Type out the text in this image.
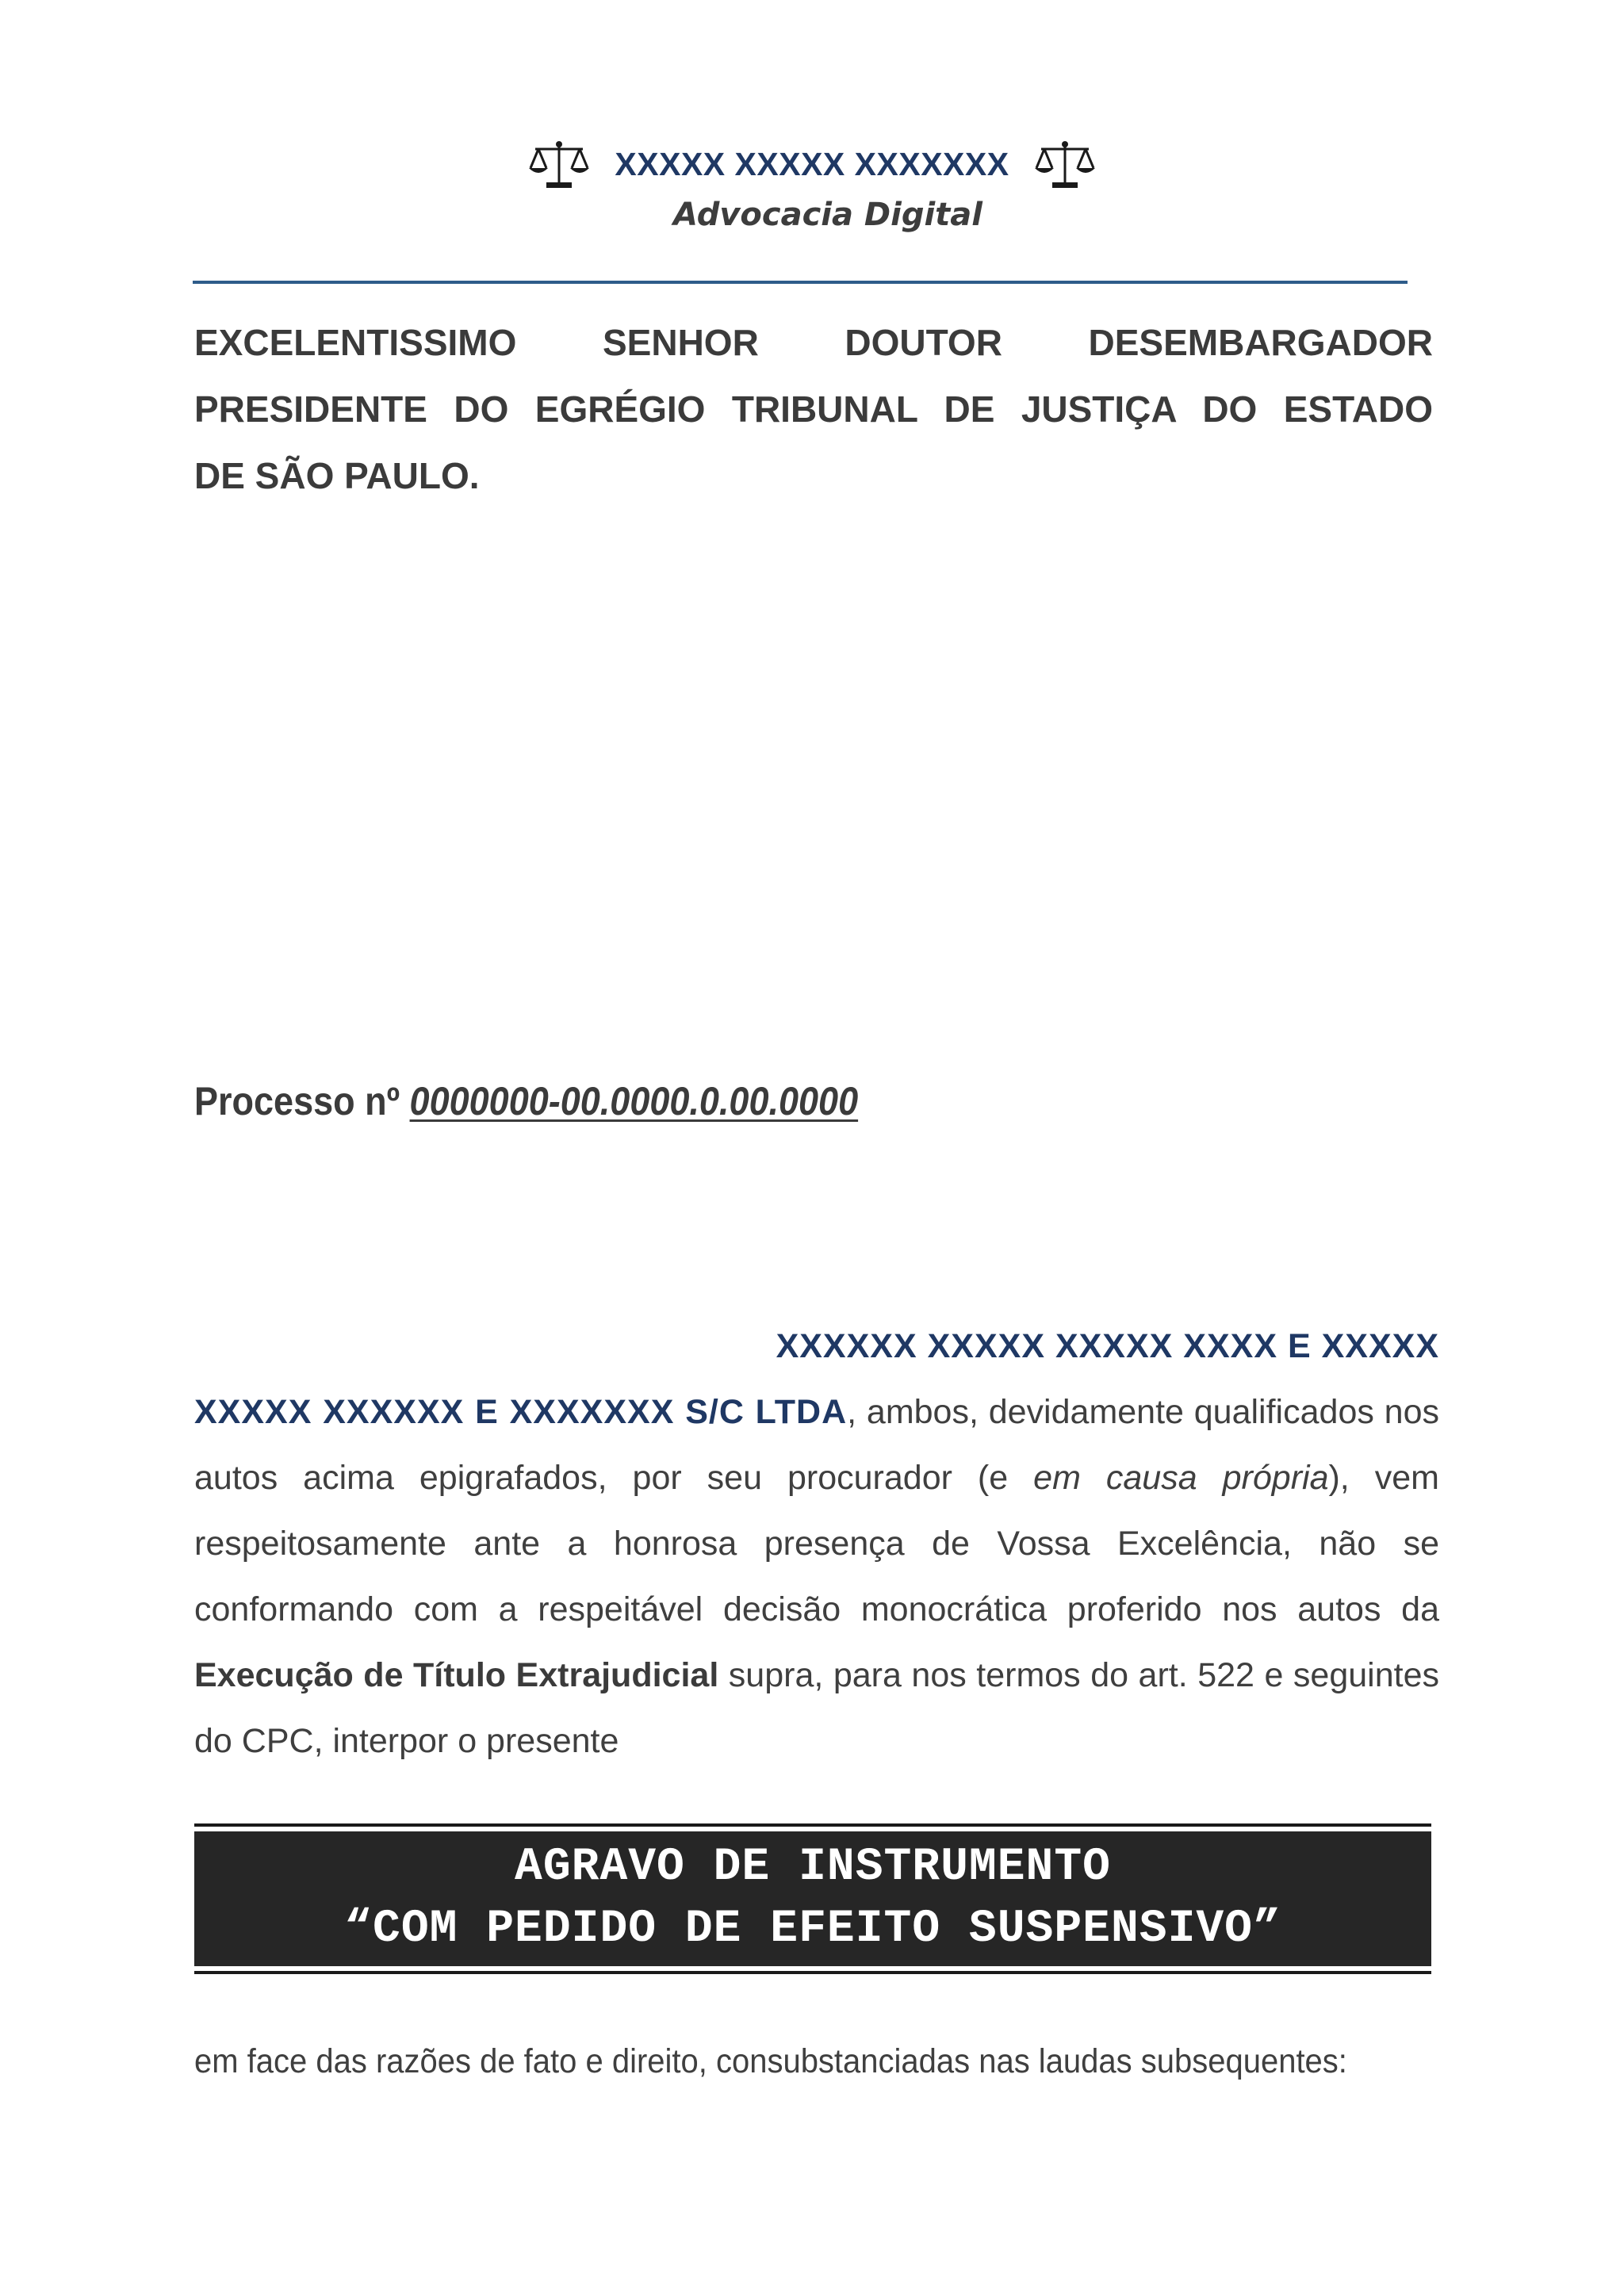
XXXXX XXXXX XXXXXXX
Advocacia Digital
EXCELENTISSIMO SENHOR DOUTOR DESEMBARGADOR
PRESIDENTE DO EGRÉGIO TRIBUNAL DE JUSTIÇA DO ESTADO
DE SÃO PAULO.
Processo nº 0000000-00.0000.0.00.0000
XXXXXX XXXXX XXXXX XXXX E XXXXX
XXXXX XXXXXX E XXXXXXX S/C LTDA, ambos, devidamente qualificados nos autos acima epigrafados, por seu procurador (e em causa própria), vem respeitosamente ante a honrosa presença de Vossa Excelência, não se conformando com a respeitável decisão monocrática proferido nos autos da Execução de Título Extrajudicial supra, para nos termos do art. 522 e seguintes do CPC, interpor o presente
AGRAVO DE INSTRUMENTO
“COM PEDIDO DE EFEITO SUSPENSIVO”
em face das razões de fato e direito, consubstanciadas nas laudas subsequentes:
